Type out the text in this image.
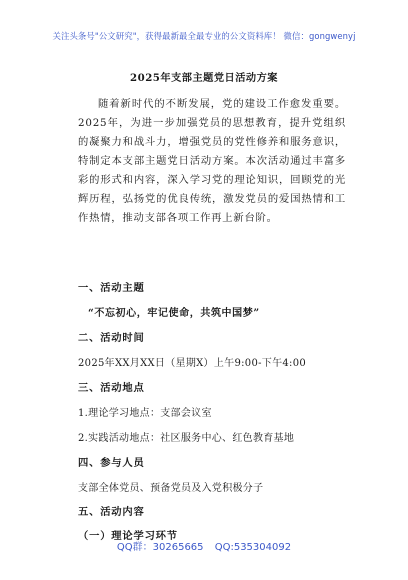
关注头条号"公文研究"，获得最新最全最专业的公文资料库！ 微信：gongwenyj
2025年支部主题党日活动方案

随着新时代的不断发展，党的建设工作愈发重要。2025年，为进一步加强党员的思想教育，提升党组织的凝聚力和战斗力，增强党员的党性修养和服务意识，特制定本支部主题党日活动方案。本次活动通过丰富多彩的形式和内容，深入学习党的理论知识，回顾党的光辉历程，弘扬党的优良传统，激发党员的爱国热情和工作热情，推动支部各项工作再上新台阶。

一、活动主题

“不忘初心，牢记使命，共筑中国梦”

二、活动时间

2025年XX月XX日（星期X）上午9:00-下午4:00

三、活动地点

1.理论学习地点：支部会议室

2.实践活动地点：社区服务中心、红色教育基地

四、参与人员

支部全体党员、预备党员及入党积极分子

五、活动内容

（一）理论学习环节

QQ群：30265665 QQ:535304092
